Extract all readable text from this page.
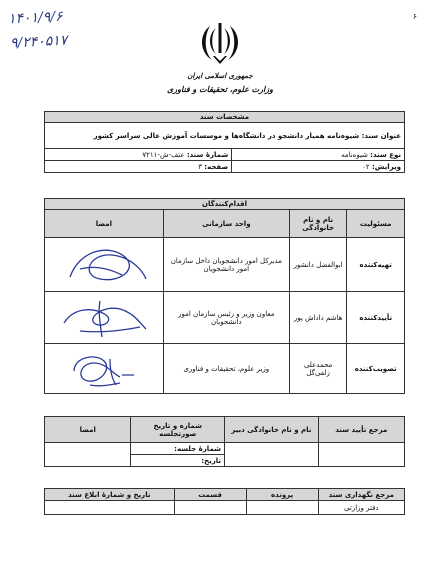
۱۴۰۱/۹/۶
۹/۲۴۰۵۱۷
۶
جمهوری اسلامی ایران
وزارت علوم، تحقیقات و فناوری
مشخصات سند	
عنوان سند: شیوه‌نامه همیار دانشجو در دانشگاه‌ها و موسسات آموزش عالی سراسر کشور	
نوع سند: شیوه‌نامه	شمارهٔ سند: عتف-ش-۷۲۱۱
ویرایش: ۰۲	صفحه: ۳
اقدام‌کنندگان			
مسئولیت	نام و نام خانوادگی	واحد سازمانی	امضا
تهیه‌کننده	ابوالفضل دانشور	مدیرکل امور دانشجویان داخل سازمان امور دانشجویان	
تأییدکننده	هاشم داداش پور	معاون وزیر و رئیس سازمان امور دانشجویان	
تصویب‌کننده	محمدعلی زلفی‌گل	وزیر علوم، تحقیقات و فناوری	
مرجع تأیید سند	نام و نام خانوادگی دبیر	شماره و تاریخ صورتجلسه	امضا
		شمارهٔ جلسه:	
		تاریخ:	
مرجع نگهداری سند	پرونده	قسمت	تاریخ و شمارهٔ ابلاغ سند
دفتر وزارتی			
